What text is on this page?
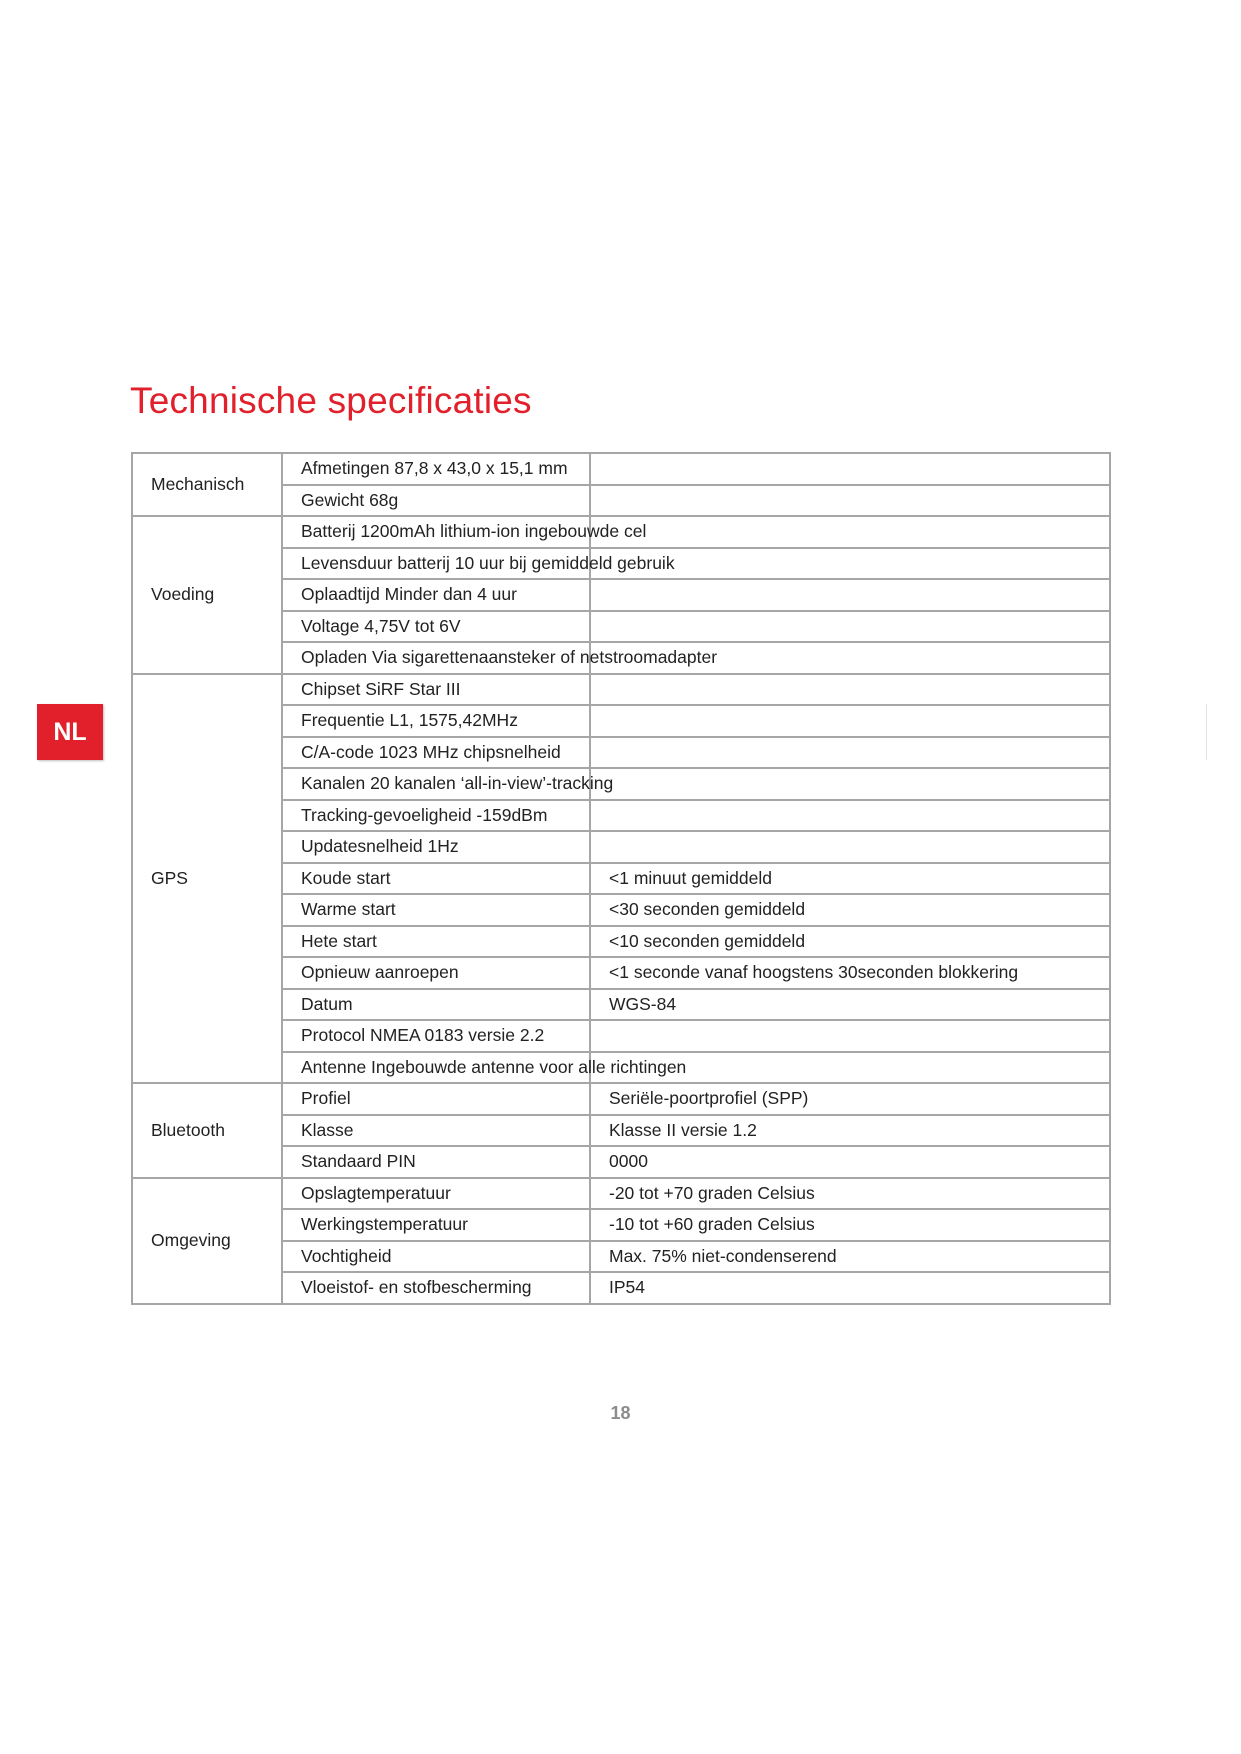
Technische specificaties
NL
Mechanisch	Afmetingen 87,8 x 43,0 x 15,1 mm	
	Gewicht 68g	
Voeding	Batterij 1200mAh lithium-ion ingebouwde cel	
	Levensduur batterij 10 uur bij gemiddeld gebruik	
	Oplaadtijd Minder dan 4 uur	
	Voltage 4,75V tot 6V	
	Opladen Via sigarettenaansteker of netstroomadapter	
GPS	Chipset SiRF Star III	
	Frequentie L1, 1575,42MHz	
	C/A-code 1023 MHz chipsnelheid	
	Kanalen 20 kanalen ‘all-in-view’-tracking	
	Tracking-gevoeligheid -159dBm	
	Updatesnelheid 1Hz	
	Koude start	<1 minuut gemiddeld
	Warme start	<30 seconden gemiddeld
	Hete start	<10 seconden gemiddeld
	Opnieuw aanroepen	<1 seconde vanaf hoogstens 30seconden blokkering
	Datum	WGS-84
	Protocol NMEA 0183 versie 2.2	
	Antenne Ingebouwde antenne voor alle richtingen	
Bluetooth	Profiel	Seriële-poortprofiel (SPP)
	Klasse	Klasse II versie 1.2
	Standaard PIN	0000
Omgeving	Opslagtemperatuur	-20 tot +70 graden Celsius
	Werkingstemperatuur	-10 tot +60 graden Celsius
	Vochtigheid	Max. 75% niet-condenserend
	Vloeistof- en stofbescherming	IP54
18
